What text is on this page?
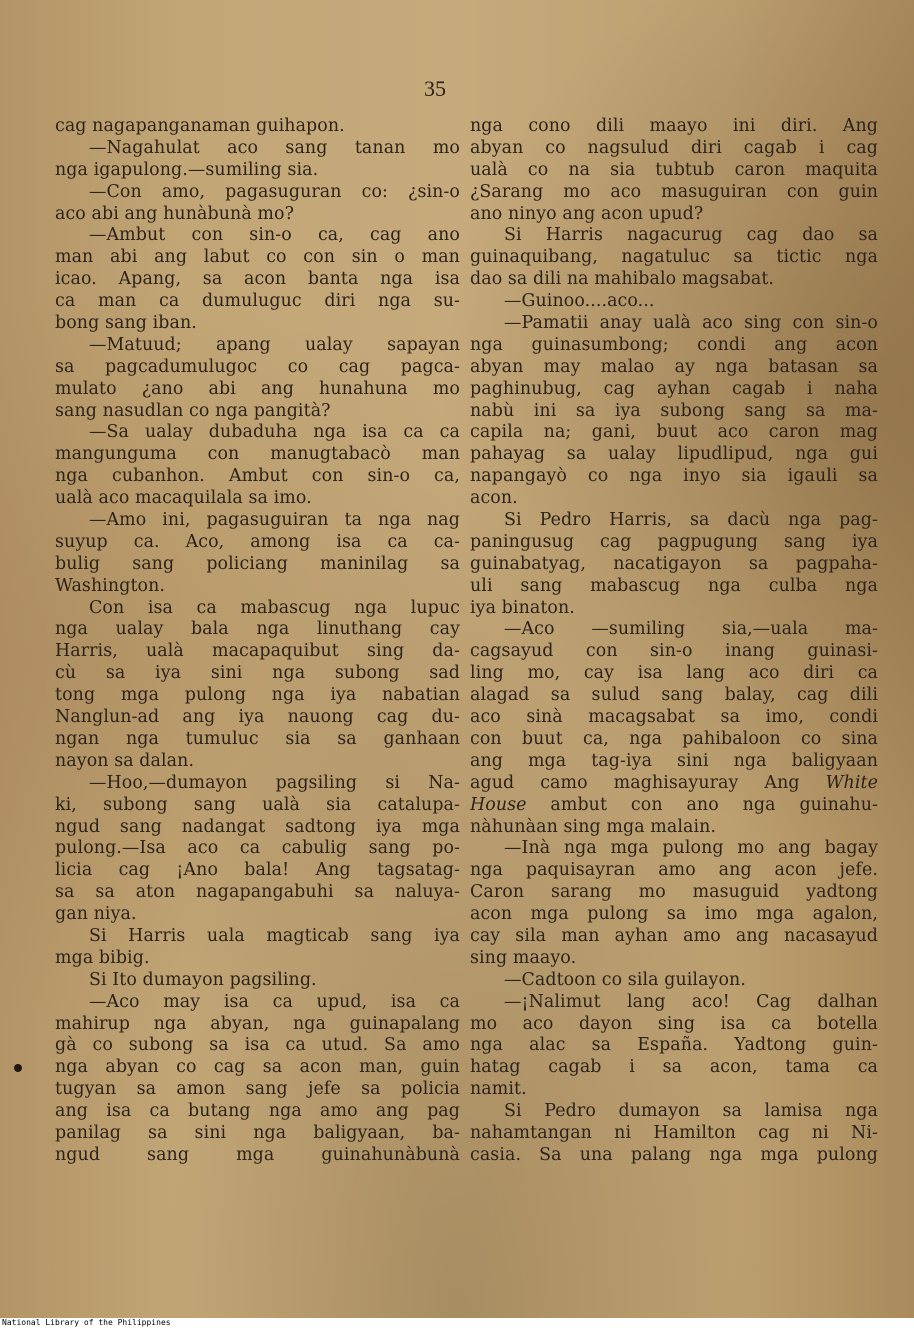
35
cag nagapanganaman guihapon.
—Nagahulat aco sang tanan mo
nga igapulong.—sumiling sia.
—Con amo, pagasuguran co: ¿sin-o
aco abi ang hunàbunà mo?
—Ambut con sin-o ca, cag ano
man abi ang labut co con sin o man
icao. Apang, sa acon banta nga isa
ca man ca dumuluguc diri nga su-
bong sang iban.
—Matuud; apang ualay sapayan
sa pagcadumulugoc co cag pagca-
mulato ¿ano abi ang hunahuna mo
sang nasudlan co nga pangità?
—Sa ualay dubaduha nga isa ca ca
mangunguma con manugtabacò man
nga cubanhon. Ambut con sin-o ca,
ualà aco macaquilala sa imo.
—Amo ini, pagasuguiran ta nga nag
suyup ca. Aco, among isa ca ca-
bulig sang policiang maninilag sa
Washington.
Con isa ca mabascug nga lupuc
nga ualay bala nga linuthang cay
Harris, ualà macapaquibut sing da-
cù sa iya sini nga subong sad
tong mga pulong nga iya nabatian
Nanglun-ad ang iya nauong cag du-
ngan nga tumuluc sia sa ganhaan
nayon sa dalan.
—Hoo,—dumayon pagsiling si Na-
ki, subong sang ualà sia catalupa-
ngud sang nadangat sadtong iya mga
pulong.—Isa aco ca cabulig sang po-
licia cag ¡Ano bala! Ang tagsatag-
sa sa aton nagapangabuhi sa naluya-
gan niya.
Si Harris uala magticab sang iya
mga bibig.
Si Ito dumayon pagsiling.
—Aco may isa ca upud, isa ca
mahirup nga abyan, nga guinapalang
gà co subong sa isa ca utud. Sa amo
nga abyan co cag sa acon man, guin
tugyan sa amon sang jefe sa policia
ang isa ca butang nga amo ang pag
panilag sa sini nga baligyaan, ba-
ngud sang mga guinahunàbunà
nga cono dili maayo ini diri. Ang
abyan co nagsulud diri cagab i cag
ualà co na sia tubtub caron maquita
¿Sarang mo aco masuguiran con guin
ano ninyo ang acon upud?
Si Harris nagacurug cag dao sa
guinaquibang, nagatuluc sa tictic nga
dao sa dili na mahibalo magsabat.
—Guinoo....aco...
—Pamatii anay ualà aco sing con sin-o
nga guinasumbong; condi ang acon
abyan may malao ay nga batasan sa
paghinubug, cag ayhan cagab i naha
nabù ini sa iya subong sang sa ma-
capila na; gani, buut aco caron mag
pahayag sa ualay lipudlipud, nga gui
napangayò co nga inyo sia igauli sa
acon.
Si Pedro Harris, sa dacù nga pag-
paningusug cag pagpugung sang iya
guinabatyag, nacatigayon sa pagpaha-
uli sang mabascug nga culba nga
iya binaton.
—Aco —sumiling sia,—uala ma-
cagsayud con sin-o inang guinasi-
ling mo, cay isa lang aco diri ca
alagad sa sulud sang balay, cag dili
aco sinà macagsabat sa imo, condi
con buut ca, nga pahibaloon co sina
ang mga tag-iya sini nga baligyaan
agud camo maghisayuray Ang White
House ambut con ano nga guinahu-
nàhunàan sing mga malain.
—Inà nga mga pulong mo ang bagay
nga paquisayran amo ang acon jefe.
Caron sarang mo masuguid yadtong
acon mga pulong sa imo mga agalon,
cay sila man ayhan amo ang nacasayud
sing maayo.
—Cadtoon co sila guilayon.
—¡Nalimut lang aco! Cag dalhan
mo aco dayon sing isa ca botella
nga alac sa España. Yadtong guin-
hatag cagab i sa acon, tama ca
namit.
Si Pedro dumayon sa lamisa nga
nahamtangan ni Hamilton cag ni Ni-
casia. Sa una palang nga mga pulong
National Library of the Philippines
